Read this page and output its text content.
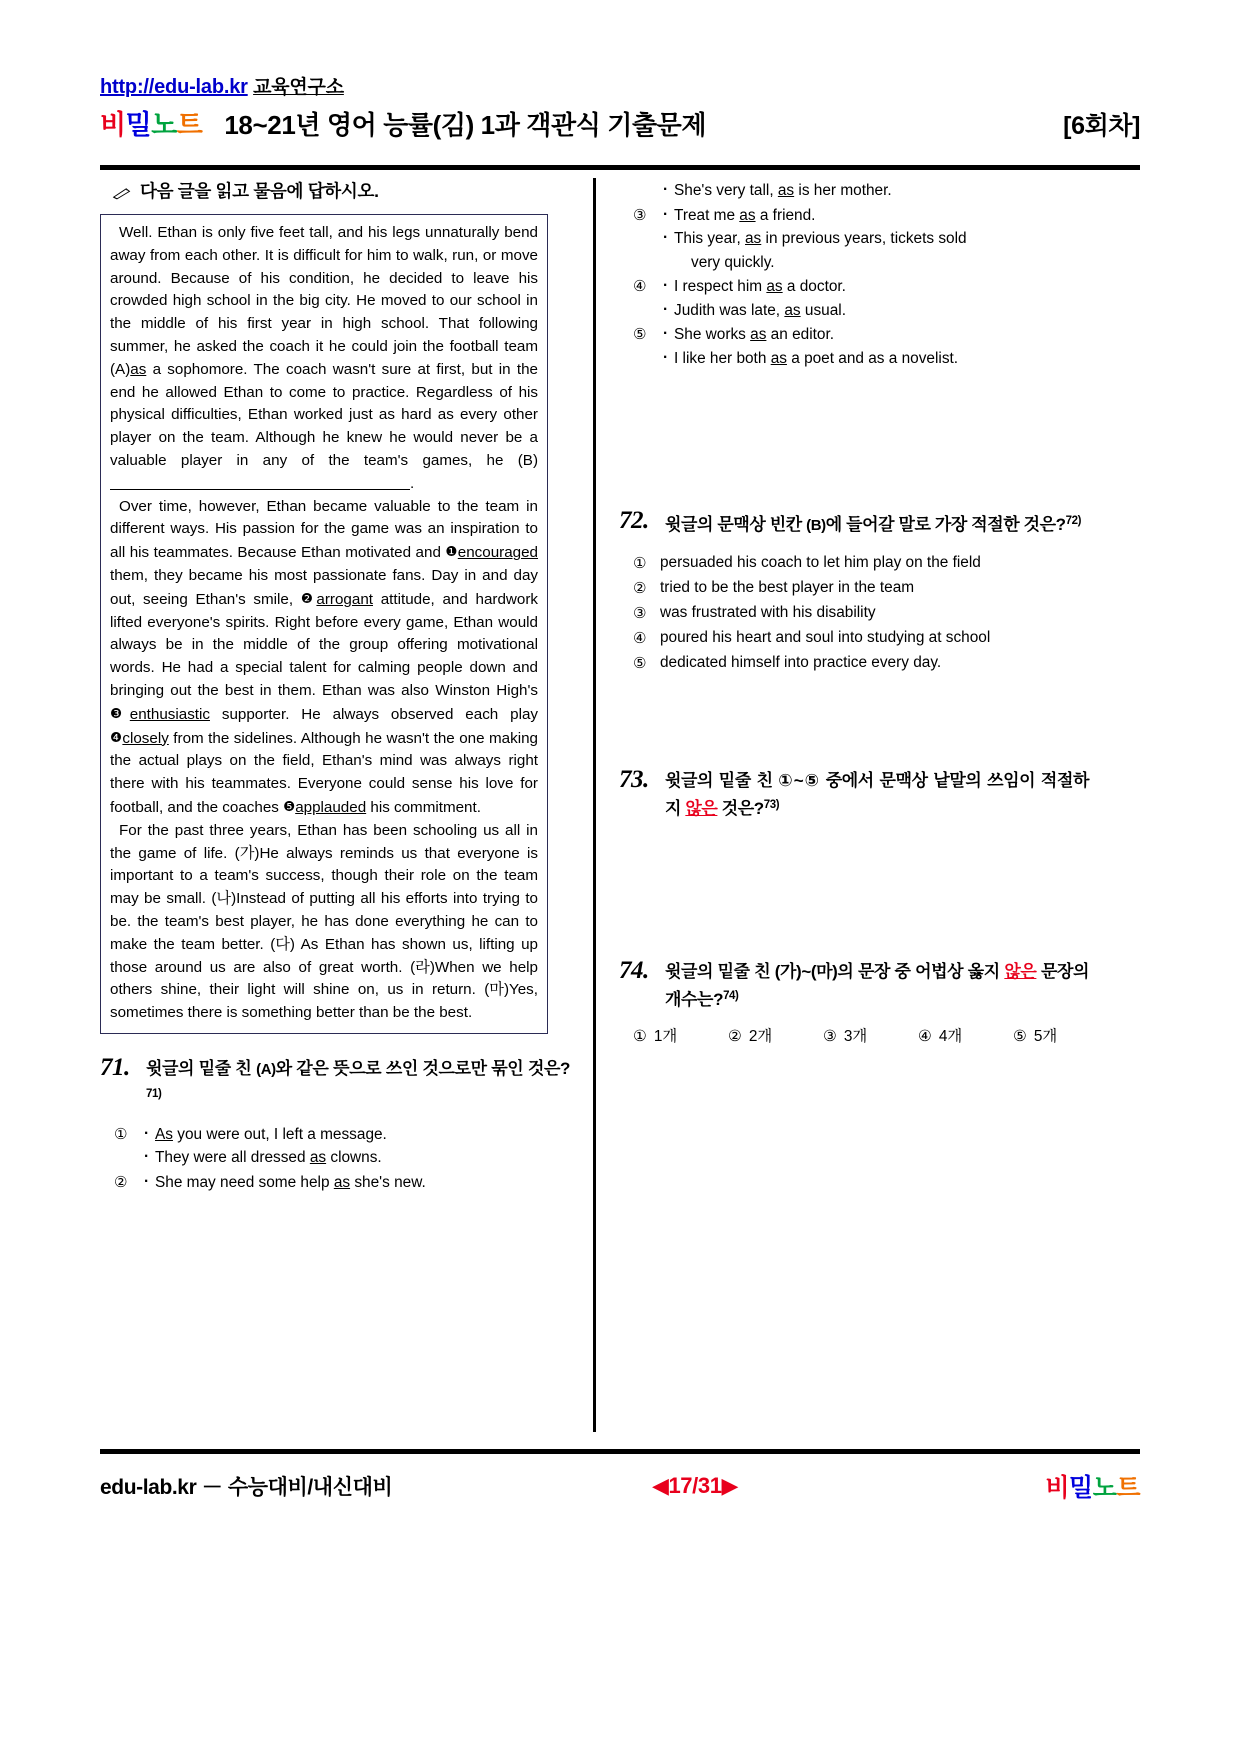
http://edu-lab.kr 교육연구소
비밀노트 18~21년 영어 능률(김) 1과 객관식 기출문제	[6회차]
다음 글을 읽고 물음에 답하시오.

Well. Ethan is only five feet tall, and his legs unnaturally bend away from each other. It is difficult for him to walk, run, or move around. Because of his condition, he decided to leave his crowded high school in the big city. He moved to our school in the middle of his first year in high school. That following summer, he asked the coach it he could join the football team (A)as a sophomore. The coach wasn't sure at first, but in the end he allowed Ethan to come to practice. Regardless of his physical difficulties, Ethan worked just as hard as every other player on the team. Although he knew he would never be a valuable player in any of the team's games, he (B).

Over time, however, Ethan became valuable to the team in different ways. His passion for the game was an inspiration to all his teammates. Because Ethan motivated and ❶encouraged them, they became his most passionate fans. Day in and day out, seeing Ethan's smile, ❷arrogant attitude, and hardwork lifted everyone's spirits. Right before every game, Ethan would always be in the middle of the group offering motivational words. He had a special talent for calming people down and bringing out the best in them. Ethan was also Winston High's ❸enthusiastic supporter. He always observed each play ❹closely from the sidelines. Although he wasn't the one making the actual plays on the field, Ethan's mind was always right there with his teammates. Everyone could sense his love for football, and the coaches ❺applauded his commitment.

For the past three years, Ethan has been schooling us all in the game of life. (가)He always reminds us that everyone is important to a team's success, though their role on the team may be small. (나)Instead of putting all his efforts into trying to be. the team's best player, he has done everything he can to make the team better. (다) As Ethan has shown us, lifting up those around us are also of great worth. (라)When we help others shine, their light will shine on, us in return. (마)Yes, sometimes there is something better than be the best.

71. 윗글의 밑줄 친 (A)와 같은 뜻으로 쓰인 것으로만 묶인 것은?$^{71)}$
①	· As you were out, I left a message.
· They were all dressed as clowns.
②	· She may need some help as she's new.
· She's very tall, as is her mother.
③	· Treat me as a friend.
· This year, as in previous years, tickets sold
very quickly.
④	· I respect him as a doctor.
· Judith was late, as usual.
⑤	· She works as an editor.
· I like her both as a poet and as a novelist.
72. 윗글의 문맥상 빈칸 (B)에 들어갈 말로 가장 적절한 것은?$^{72)}$
① persuaded his coach to let him play on the field
② tried to be the best player in the team
③ was frustrated with his disability
④ poured his heart and soul into studying at school
⑤ dedicated himself into practice every day.
73. 윗글의 밑줄 친 ①~⑤ 중에서 문맥상 낱말의 쓰임이 적절하지 않은 것은?$^{73)}$
74. 윗글의 밑줄 친 (가)~(마)의 문장 중 어법상 옳지 않은 문장의 개수는?$^{74)}$
① 1개	② 2개	③ 3개	④ 4개	⑤ 5개
edu-lab.kr － 수능대비/내신대비	◀17/31▶	비밀노트
